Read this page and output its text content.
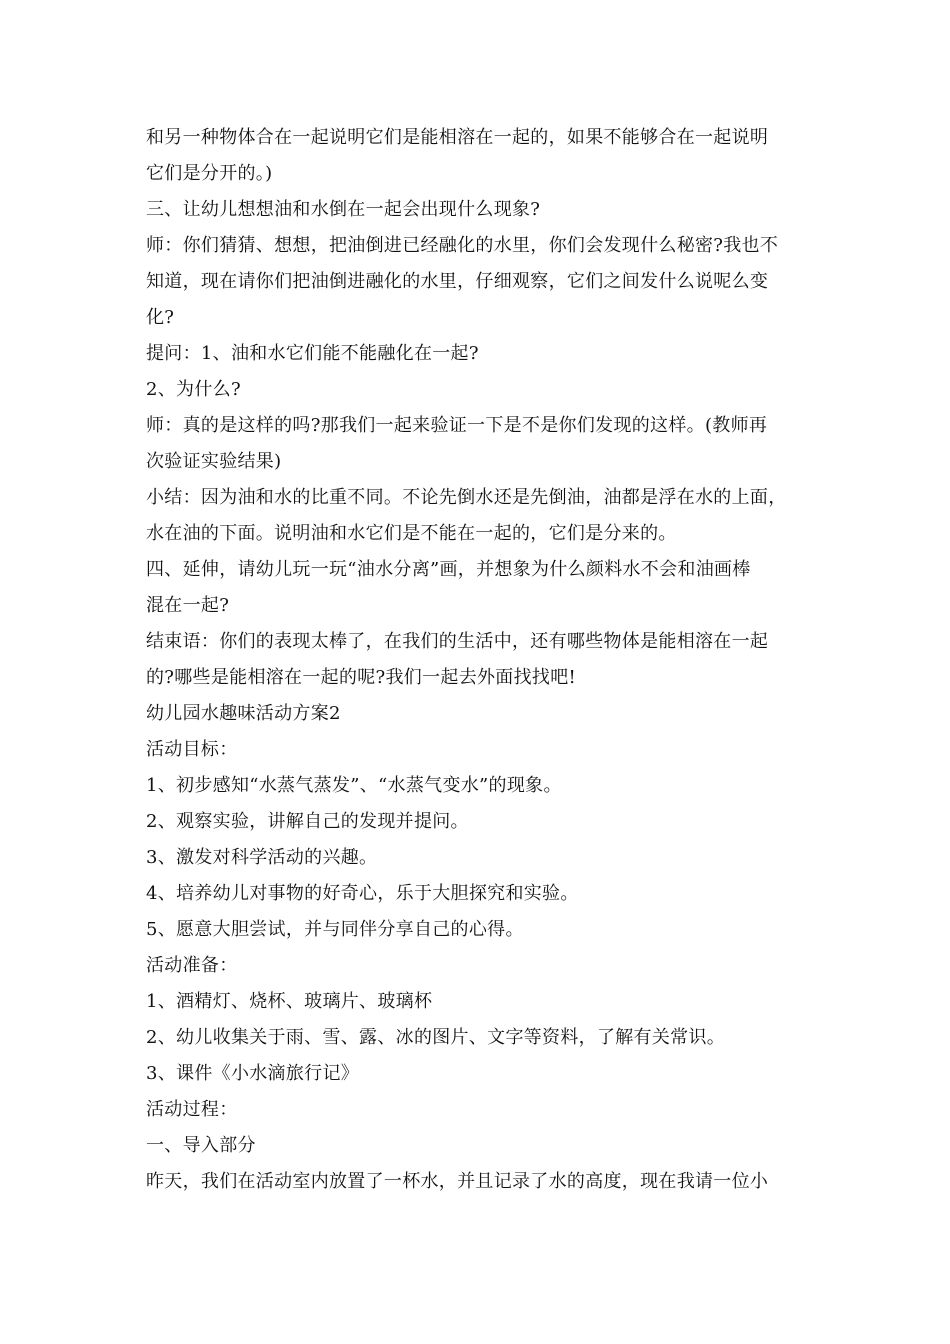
和另一种物体合在一起说明它们是能相溶在一起的，如果不能够合在一起说明
它们是分开的。)
三、让幼儿想想油和水倒在一起会出现什么现象?
师：你们猜猜、想想，把油倒进已经融化的水里，你们会发现什么秘密?我也不
知道，现在请你们把油倒进融化的水里，仔细观察，它们之间发什么说呢么变
化?
提问：1、油和水它们能不能融化在一起?
2、为什么?
师：真的是这样的吗?那我们一起来验证一下是不是你们发现的这样。(教师再
次验证实验结果)
小结：因为油和水的比重不同。不论先倒水还是先倒油，油都是浮在水的上面，
水在油的下面。说明油和水它们是不能在一起的，它们是分来的。
四、延伸，请幼儿玩一玩“油水分离”画，并想象为什么颜料水不会和油画棒
混在一起?
结束语：你们的表现太棒了，在我们的生活中，还有哪些物体是能相溶在一起
的?哪些是能相溶在一起的呢?我们一起去外面找找吧!
幼儿园水趣味活动方案2
活动目标：
1、初步感知“水蒸气蒸发”、“水蒸气变水”的现象。
2、观察实验，讲解自己的发现并提问。
3、激发对科学活动的兴趣。
4、培养幼儿对事物的好奇心，乐于大胆探究和实验。
5、愿意大胆尝试，并与同伴分享自己的心得。
活动准备：
1、酒精灯、烧杯、玻璃片、玻璃杯
2、幼儿收集关于雨、雪、露、冰的图片、文字等资料，了解有关常识。
3、课件《小水滴旅行记》
活动过程：
一、导入部分
昨天，我们在活动室内放置了一杯水，并且记录了水的高度，现在我请一位小
